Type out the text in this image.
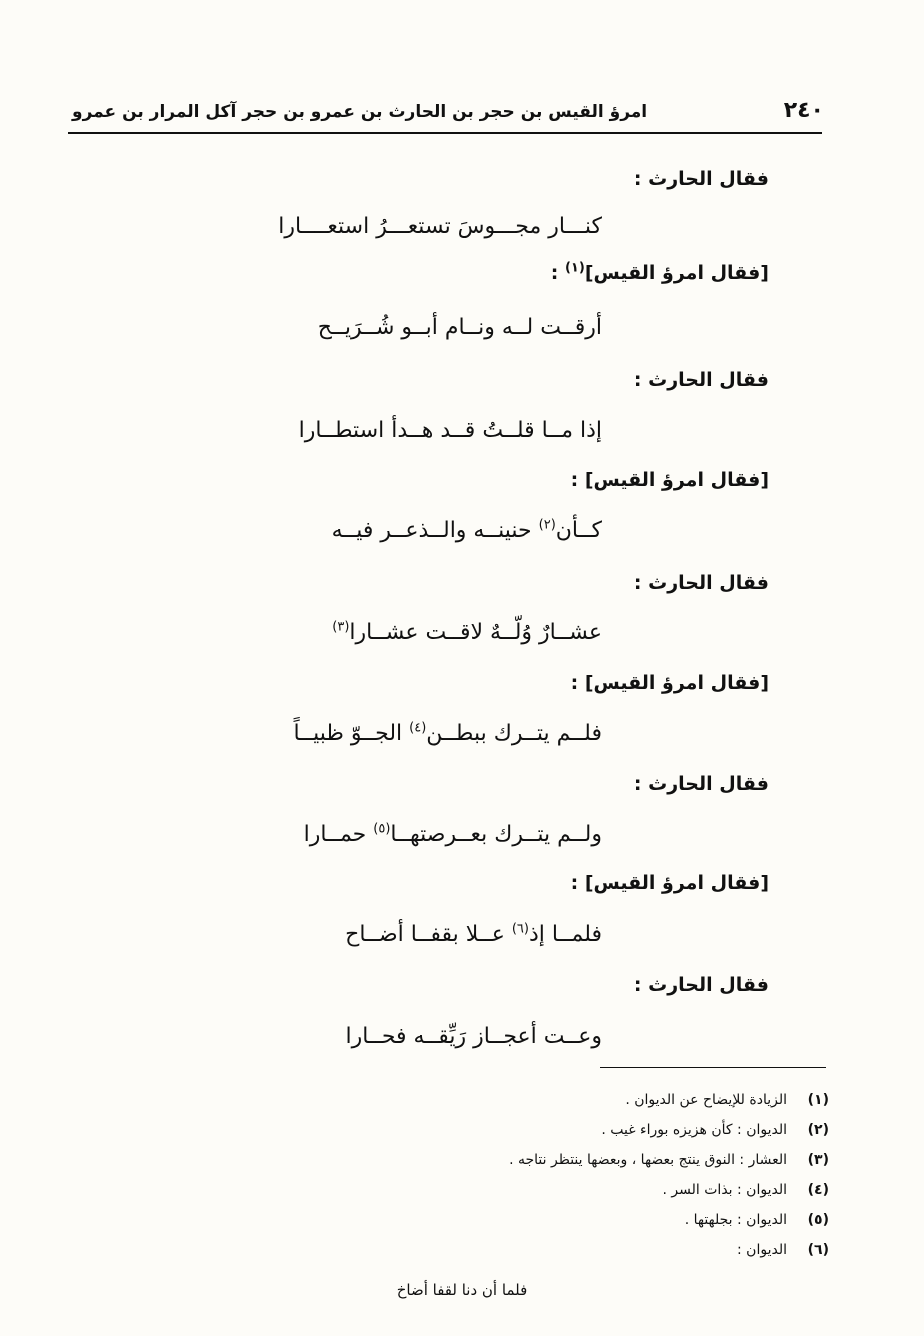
٢٤٠
امرؤ القيس بن حجر بن الحارث بن عمرو بن حجر آكل المرار بن عمرو
فقال الحارث :
كنـــار مجـــوسَ تستعـــرُ استعــــارا
[فقال امرؤ القيس]$^{(١)}$ :
أرقــت لــه ونــام أبــو شُــرَيــح
فقال الحارث :
إذا مــا قلــتُ قــد هــدأ استطــارا
[فقال امرؤ القيس] :
كــأن$^{(٢)}$ حنينــه والــذعــر فيــه
فقال الحارث :
عشــارٌ وُلّــهٌ لاقــت عشــارا$^{(٣)}$
[فقال امرؤ القيس] :
فلــم يتــرك ببطــن$^{(٤)}$ الجــوّ ظبيــاً
فقال الحارث :
ولــم يتــرك بعــرصتهــا$^{(٥)}$ حمــارا
[فقال امرؤ القيس] :
فلمــا إذ$^{(٦)}$ عــلا بقفــا أضــاح
فقال الحارث :
وعــت أعجــاز رَيِّقــه فحــارا
(١)الزيادة للإيضاح عن الديوان .
(٢)الديوان : كأن هزيزه بوراء غيب .
(٣)العشار : النوق ينتج بعضها ، وبعضها ينتظر نتاجه .
(٤)الديوان : بذات السر .
(٥)الديوان : بجلهتها .
(٦)الديوان :
فلما أن دنا لقفا أضاخ
